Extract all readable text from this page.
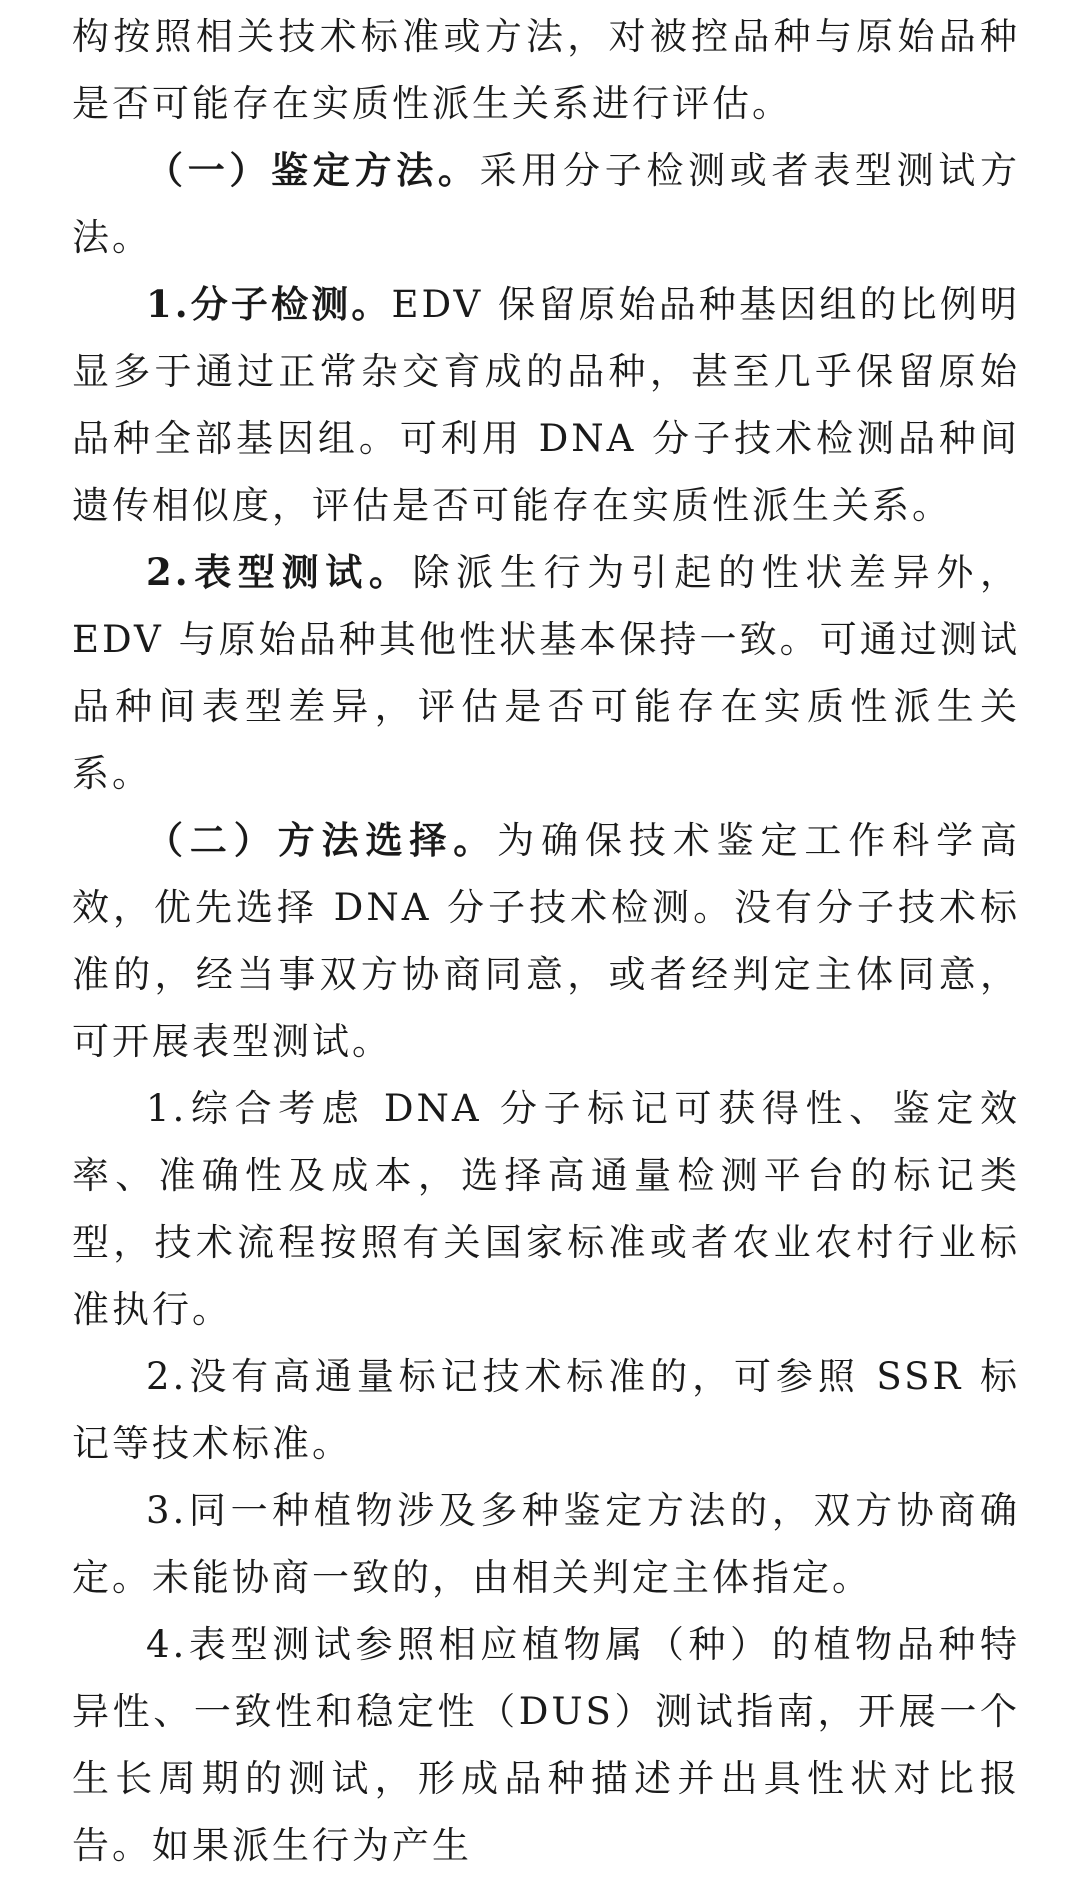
构按照相关技术标准或方法，对被控品种与原始品种是否可能存在实质性派生关系进行评估。

（一）鉴定方法。采用分子检测或者表型测试方法。

1.分子检测。EDV 保留原始品种基因组的比例明显多于通过正常杂交育成的品种，甚至几乎保留原始品种全部基因组。可利用 DNA 分子技术检测品种间遗传相似度，评估是否可能存在实质性派生关系。

2.表型测试。除派生行为引起的性状差异外，EDV 与原始品种其他性状基本保持一致。可通过测试品种间表型差异，评估是否可能存在实质性派生关系。

（二）方法选择。为确保技术鉴定工作科学高效，优先选择 DNA 分子技术检测。没有分子技术标准的，经当事双方协商同意，或者经判定主体同意，可开展表型测试。

1.综合考虑 DNA 分子标记可获得性、鉴定效率、准确性及成本，选择高通量检测平台的标记类型，技术流程按照有关国家标准或者农业农村行业标准执行。

2.没有高通量标记技术标准的，可参照 SSR 标记等技术标准。

3.同一种植物涉及多种鉴定方法的，双方协商确定。未能协商一致的，由相关判定主体指定。

4.表型测试参照相应植物属（种）的植物品种特异性、一致性和稳定性（DUS）测试指南，开展一个生长周期的测试，形成品种描述并出具性状对比报告。如果派生行为产生
